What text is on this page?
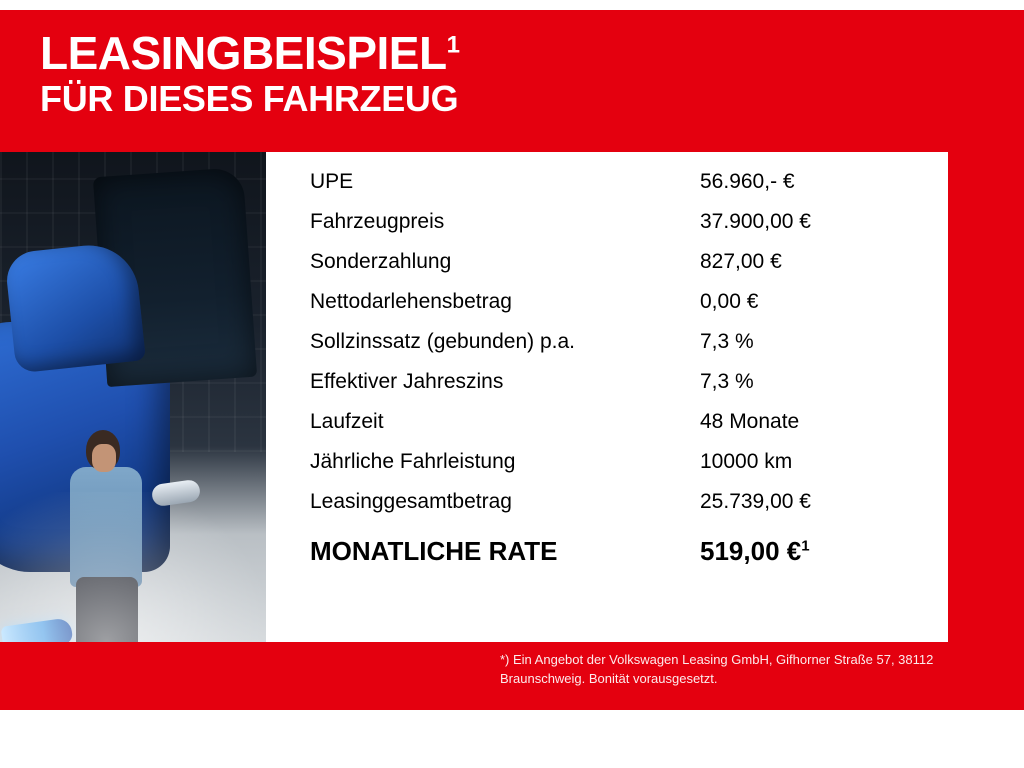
LEASINGBEISPIEL$^1$
FÜR DIESES FAHRZEUG
UPE	56.960,- €
Fahrzeugpreis	37.900,00 €
Sonderzahlung	827,00 €
Nettodarlehensbetrag	0,00 €
Sollzinssatz (gebunden) p.a.	7,3 %
Effektiver Jahreszins	7,3 %
Laufzeit	48 Monate
Jährliche Fahrleistung	10000 km
Leasinggesamtbetrag	25.739,00 €
MONATLICHE RATE	519,00 €$^1$
*) Ein Angebot der Volkswagen Leasing GmbH, Gifhorner Straße 57, 38112 Braunschweig. Bonität vorausgesetzt.
